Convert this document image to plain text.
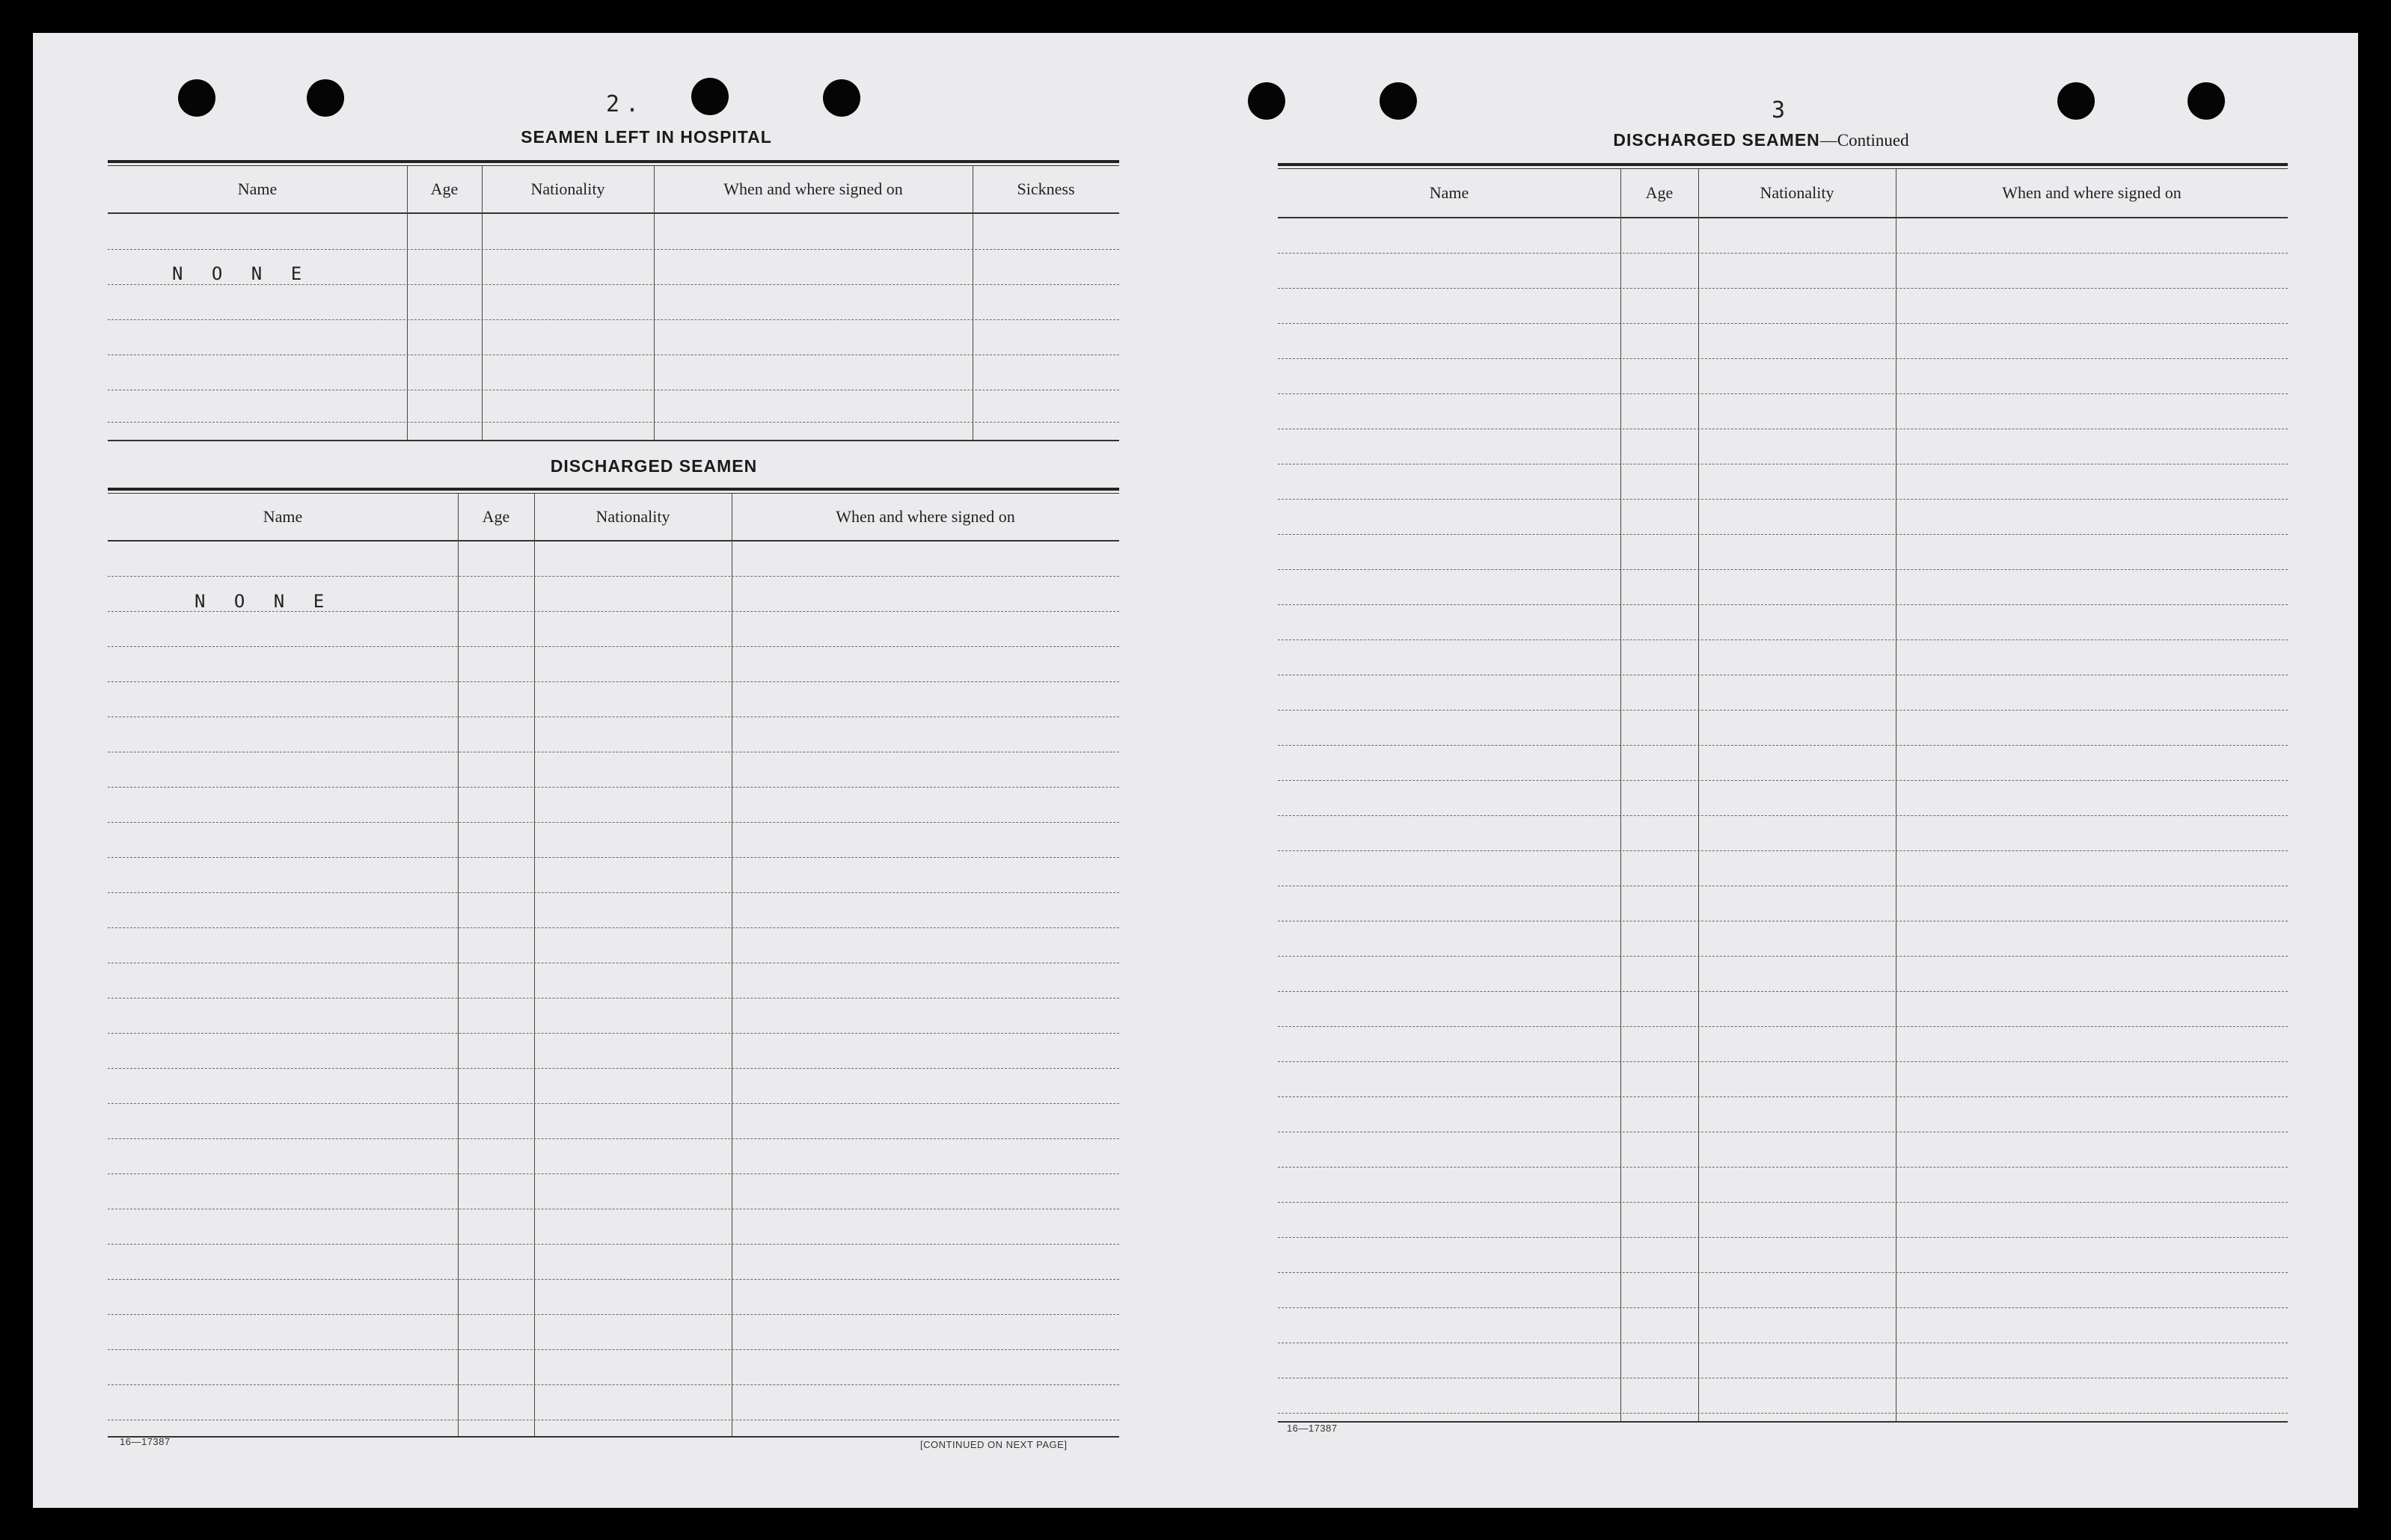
2.
SEAMEN LEFT IN HOSPITAL
Name	Age	Nationality	When and where signed on	Sickness
N O N E
DISCHARGED SEAMEN
Name	Age	Nationality	When and where signed on
N O N E
16—17387	[CONTINUED ON NEXT PAGE]
3
DISCHARGED SEAMEN—Continued
Name	Age	Nationality	When and where signed on
16—17387
